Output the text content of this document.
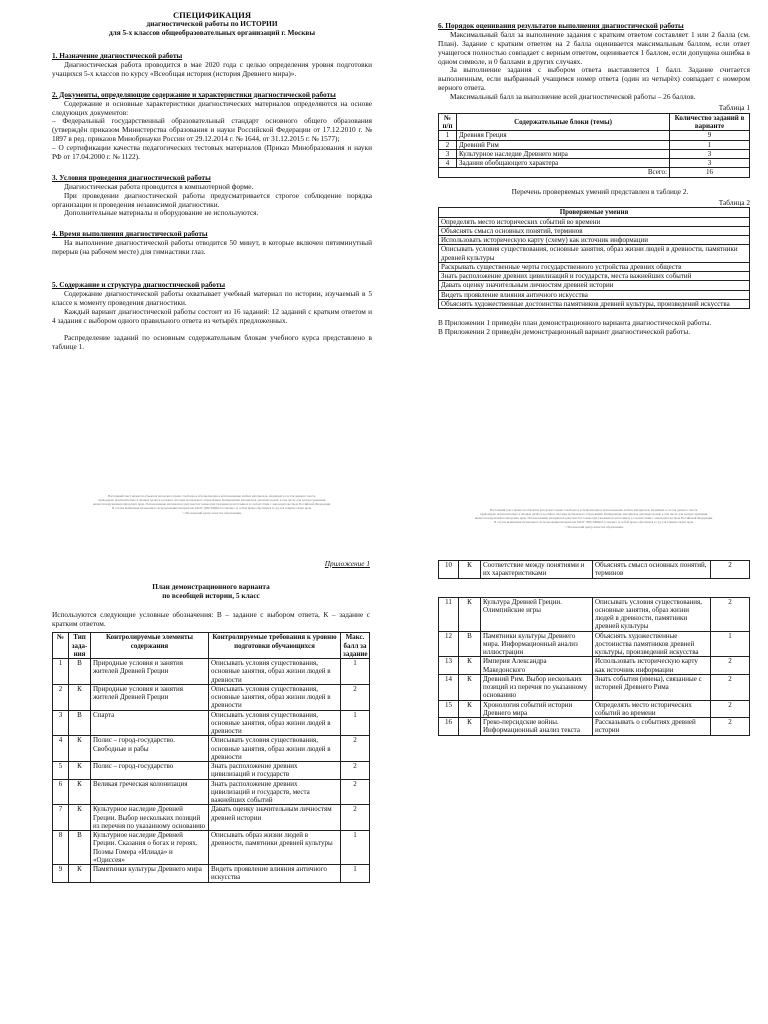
СПЕЦИФИКАЦИЯ
диагностической работы по ИСТОРИИ
для 5-х классов общеобразовательных организаций г. Москвы
1. Назначение диагностической работы

Диагностическая работа проводится в мае 2020 года с целью определения уровня подготовки учащихся 5-х классов по курсу «Всеобщая история (история Древнего мира)».

2. Документы, определяющие содержание и характеристики диагностической работы

Содержание и основные характеристики диагностических материалов определяются на основе следующих документов:

– Федеральный государственный образовательный стандарт основного общего образования (утверждён приказом Министерства образования и науки Российской Федерации от 17.12.2010 г. № 1897 в ред. приказов Минобрнауки России от 29.12.2014 г. № 1644, от 31.12.2015 г. № 1577);

– О сертификации качества педагогических тестовых материалов (Приказ Минобразования и науки РФ от 17.04.2000 г. № 1122).

3. Условия проведения диагностической работы

Диагностическая работа проводится в компьютерной форме.

При проведении диагностической работы предусматривается строгое соблюдение порядка организации и проведения независимой диагностики.

Дополнительные материалы и оборудование не используются.

4. Время выполнения диагностической работы

На выполнение диагностической работы отводится 50 минут, в которые включен пятиминутный перерыв (на рабочем месте) для гимнастики глаз.

5. Содержание и структура диагностической работы

Содержание диагностической работы охватывает учебный материал по истории, изучаемый в 5 классе к моменту проведения диагностики.

Каждый вариант диагностической работы состоит из 16 заданий: 12 заданий с кратким ответом и 4 задания с выбором одного правильного ответа из четырёх предложенных.

Распределение заданий по основным содержательным блокам учебного курса представлено в таблице 1.

Настоящий текст является объектом авторского права. Свободное и безвозмездное использование любых материалов, входящих в состав данного текста,
правомерно исключительно в личных целях и в рамках системы московского образования. Копирование материалов для иных целей, в том числе для распространения,
является нарушением авторских прав. Использование материалов допускается только при указании на источник и в соответствии с законодательством Российской Федерации.
В случае выявления незаконного использования материалов ГАОУ ДПО МЦКО оставляет за собой право обратиться в суд для защиты своих прав.
© Московский центр качества образования.
6. Порядок оценивания результатов выполнения диагностической работы

Максимальный балл за выполнение задания с кратким ответом составляет 1 или 2 балла (см. План). Задание с кратким ответом на 2 балла оценивается максимальным баллом, если ответ учащегося полностью совпадает с верным ответом, оценивается 1 баллом, если допущена ошибка в одном символе, и 0 баллами в других случаях.

За выполнение задания с выбором ответа выставляется 1 балл. Задание считается выполненным, если выбранный учащимся номер ответа (один из четырёх) совпадает с номером верного ответа.

Максимальный балл за выполнение всей диагностической работы – 26 баллов.

Таблица 1
№ п/п	Содержательные блоки (темы)	Количество заданий в варианте
1	Древняя Греция	9
2	Древний Рим	1
3	Культурное наследие Древнего мира	3
4	Задания обобщающего характера	3
Всего:		16

Перечень проверяемых умений представлен в таблице 2.

Таблица 2
Проверяемые умения
Определять место исторических событий во времени
Объяснять смысл основных понятий, терминов
Использовать историческую карту (схему) как источник информации
Описывать условия существования, основные занятия, образ жизни людей в древности, памятники древней культуры
Раскрывать существенные черты государственного устройства древних обществ
Знать расположение древних цивилизаций и государств, места важнейших событий
Давать оценку значительным личностям древней истории
Видеть проявление влияния античного искусства
Объяснять художественные достоинства памятников древней культуры, произведений искусства

В Приложении 1 приведён план демонстрационного варианта диагностической работы.

В Приложении 2 приведён демонстрационный вариант диагностической работы.

Настоящий текст является объектом авторского права. Свободное и безвозмездное использование любых материалов, входящих в состав данного текста,
правомерно исключительно в личных целях и в рамках системы московского образования. Копирование материалов для иных целей, в том числе для распространения,
является нарушением авторских прав. Использование материалов допускается только при указании на источник и в соответствии с законодательством Российской Федерации.
В случае выявления незаконного использования материалов ГАОУ ДПО МЦКО оставляет за собой право обратиться в суд для защиты своих прав.
© Московский центр качества образования.
Приложение 1
План демонстрационного варианта
по всеобщей истории, 5 класс

Используются следующие условные обозначения: В – задание с выбором ответа, К – задание с кратким ответом.

№	Тип зада-ния	Контролируемые элементы содержания	Контролируемые требования к уровню подготовки обучающихся	Макс. балл за задание
1	В	Природные условия и занятия жителей Древней Греции	Описывать условия существования, основные занятия, образ жизни людей в древности	1
2	К	Природные условия и занятия жителей Древней Греции	Описывать условия существования, основные занятия, образ жизни людей в древности	2
3	В	Спарта	Описывать условия существования, основные занятия, образ жизни людей в древности	1
4	К	Полис – город-государство. Свободные и рабы	Описывать условия существования, основные занятия, образ жизни людей в древности	2
5	К	Полис – город-государство	Знать расположение древних цивилизаций и государств	2
6	К	Великая греческая колонизация	Знать расположение древних цивилизаций и государств, места важнейших событий	2
7	К	Культурное наследие Древней Греции. Выбор нескольких позиций из перечня по указанному основанию	Давать оценку значительным личностям древней истории	2
8	В	Культурное наследие Древней Греции. Сказания о богах и героях. Поэмы Гомера «Илиада» и «Одиссея»	Описывать образ жизни людей в древности, памятники древней культуры	1
9	К	Памятники культуры Древнего мира	Видеть проявление влияния античного искусства	1
10	К	Соответствие между понятиями и их характеристиками	Объяснять смысл основных понятий, терминов	2
11	К	Культура Древней Греции. Олимпийские игры	Описывать условия существования, основные занятия, образ жизни людей в древности, памятники древней культуры	2
12	В	Памятники культуры Древнего мира. Информационный анализ иллюстрации	Объяснять художественные достоинства памятников древней культуры, произведений искусства	1
13	К	Империя Александра Македонского	Использовать историческую карту как источник информации	2
14	К	Древний Рим. Выбор нескольких позиций из перечня по указанному основанию	Знать события (имена), связанные с историей Древнего Рима	2
15	К	Хронология событий истории Древнего мира	Определять место исторических событий во времени	2
16	К	Греко-персидские войны. Информационный анализ текста	Рассказывать о событиях древней истории	2
